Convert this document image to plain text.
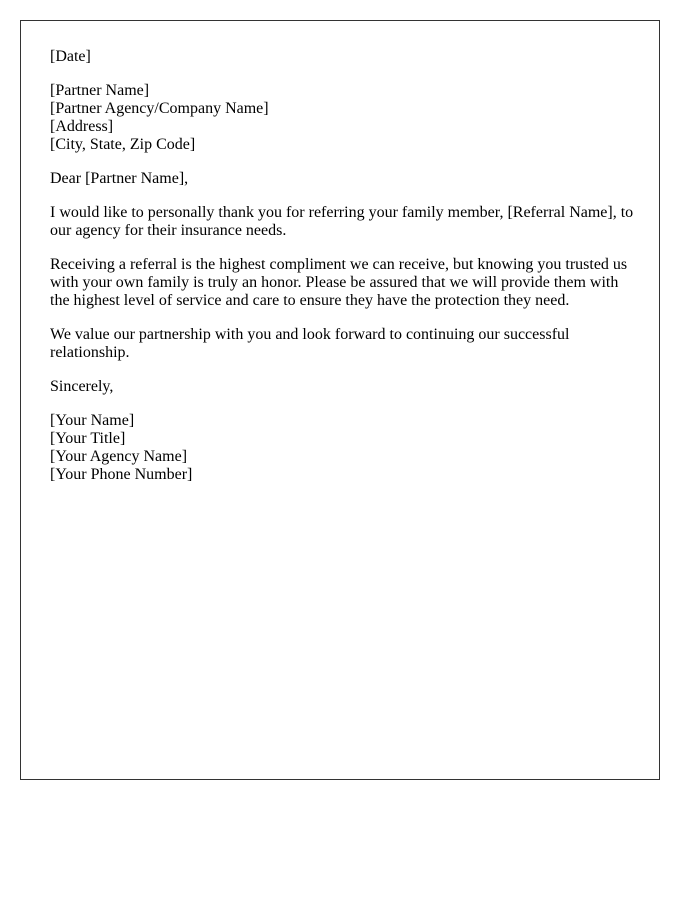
[Date]
[Partner Name]
[Partner Agency/Company Name]
[Address]
[City, State, Zip Code]

Dear [Partner Name],

I would like to personally thank you for referring your family member, [Referral Name], to our agency for their insurance needs.

Receiving a referral is the highest compliment we can receive, but knowing you trusted us with your own family is truly an honor. Please be assured that we will provide them with the highest level of service and care to ensure they have the protection they need.

We value our partnership with you and look forward to continuing our successful relationship.

Sincerely,

[Your Name]
[Your Title]
[Your Agency Name]
[Your Phone Number]
